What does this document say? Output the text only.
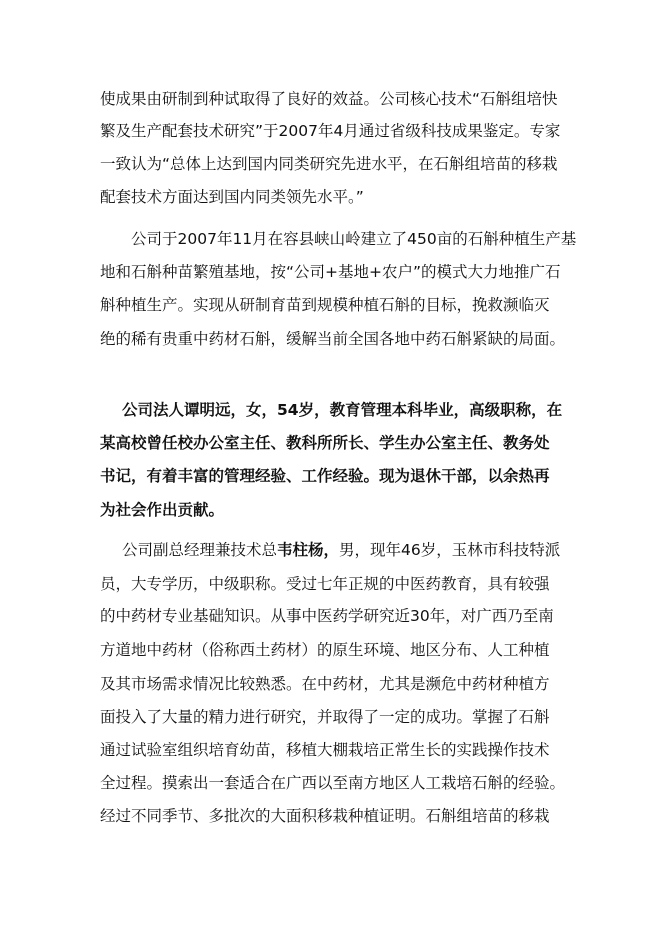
使成果由研制到种试取得了良好的效益。公司核心技术“石斛组培快
繁及生产配套技术研究”于2007年4月通过省级科技成果鉴定。专家
一致认为“总体上达到国内同类研究先进水平，在石斛组培苗的移栽
配套技术方面达到国内同类领先水平。”
公司于2007年11月在容县峡山岭建立了450亩的石斛种植生产基
地和石斛种苗繁殖基地，按“公司+基地+农户”的模式大力地推广石
斛种植生产。实现从研制育苗到规模种植石斛的目标，挽救濒临灭
绝的稀有贵重中药材石斛，缓解当前全国各地中药石斛紧缺的局面。
公司法人谭明远，女，54岁，教育管理本科毕业，高级职称，在
某高校曾任校办公室主任、教科所所长、学生办公室主任、教务处
书记，有着丰富的管理经验、工作经验。现为退休干部，以余热再
为社会作出贡献。
公司副总经理兼技术总韦柱杨，男，现年46岁，玉林市科技特派
员，大专学历，中级职称。受过七年正规的中医药教育，具有较强
的中药材专业基础知识。从事中医药学研究近30年，对广西乃至南
方道地中药材（俗称西土药材）的原生环境、地区分布、人工种植
及其市场需求情况比较熟悉。在中药材，尤其是濒危中药材种植方
面投入了大量的精力进行研究，并取得了一定的成功。掌握了石斛
通过试验室组织培育幼苗，移植大棚栽培正常生长的实践操作技术
全过程。摸索出一套适合在广西以至南方地区人工栽培石斛的经验。
经过不同季节、多批次的大面积移栽种植证明。石斛组培苗的移栽
